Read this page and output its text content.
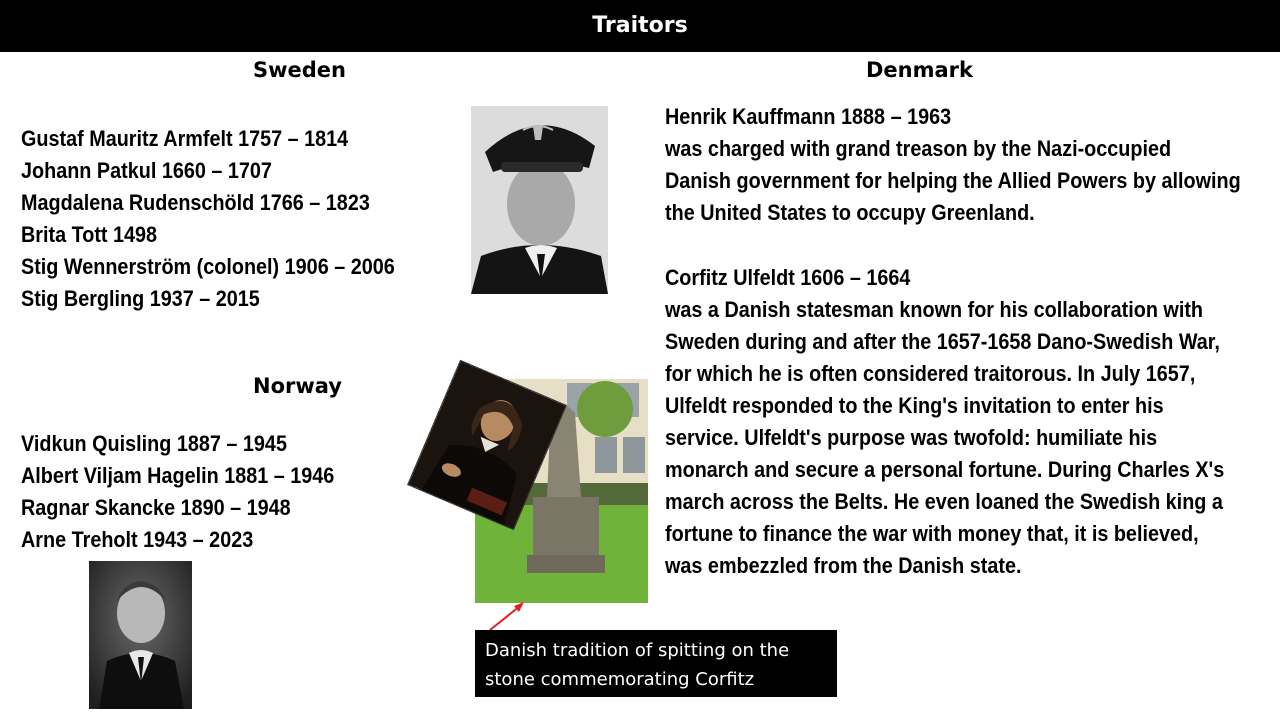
Traitors
Sweden
Gustaf Mauritz Armfelt 1757 – 1814
Johann Patkul 1660 – 1707
Magdalena Rudenschöld 1766 – 1823
Brita Tott 1498
Stig Wennerström (colonel) 1906 – 2006
Stig Bergling 1937 – 2015
Norway
Vidkun Quisling 1887 – 1945
Albert Viljam Hagelin 1881 – 1946
Ragnar Skancke 1890 – 1948
Arne Treholt 1943 – 2023
Denmark
Henrik Kauffmann 1888 – 1963
was charged with grand treason by the Nazi-occupied Danish government for helping the Allied Powers by allowing the United States to occupy Greenland.
Corfitz Ulfeldt 1606 – 1664
was a Danish statesman known for his collaboration with Sweden during and after the 1657-1658 Dano-Swedish War, for which he is often considered traitorous. In July 1657, Ulfeldt responded to the King's invitation to enter his service. Ulfeldt's purpose was twofold: humiliate his monarch and secure a personal fortune. During Charles X's march across the Belts. He even loaned the Swedish king a fortune to finance the war with money that, it is believed, was embezzled from the Danish state.
Danish tradition of spitting on the stone commemorating Corfitz
